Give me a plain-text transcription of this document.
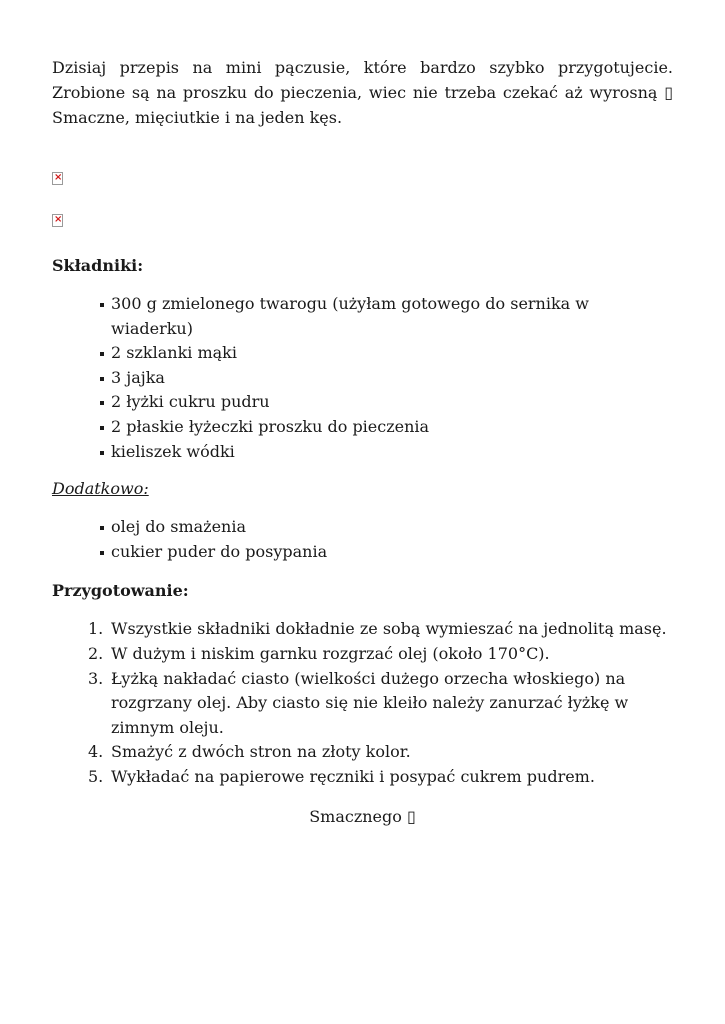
Dzisiaj przepis na mini pączusie, które bardzo szybko przygotujecie. Zrobione są na proszku do pieczenia, wiec nie trzeba czekać aż wyrosną ▯ Smaczne, mięciutkie i na jeden kęs.

×
×
Składniki:
300 g zmielonego twarogu (użyłam gotowego do sernika w wiaderku)
2 szklanki mąki
3 jajka
2 łyżki cukru pudru
2 płaskie łyżeczki proszku do pieczenia
kieliszek wódki
Dodatkowo:
olej do smażenia
cukier puder do posypania
Przygotowanie:
1. Wszystkie składniki dokładnie ze sobą wymieszać na jednolitą masę.
2. W dużym i niskim garnku rozgrzać olej (około 170°C).
3. Łyżką nakładać ciasto (wielkości dużego orzecha włoskiego) na rozgrzany olej. Aby ciasto się nie kleiło należy zanurzać łyżkę w zimnym oleju.
4. Smażyć z dwóch stron na złoty kolor.
5. Wykładać na papierowe ręczniki i posypać cukrem pudrem.
Smacznego ▯
